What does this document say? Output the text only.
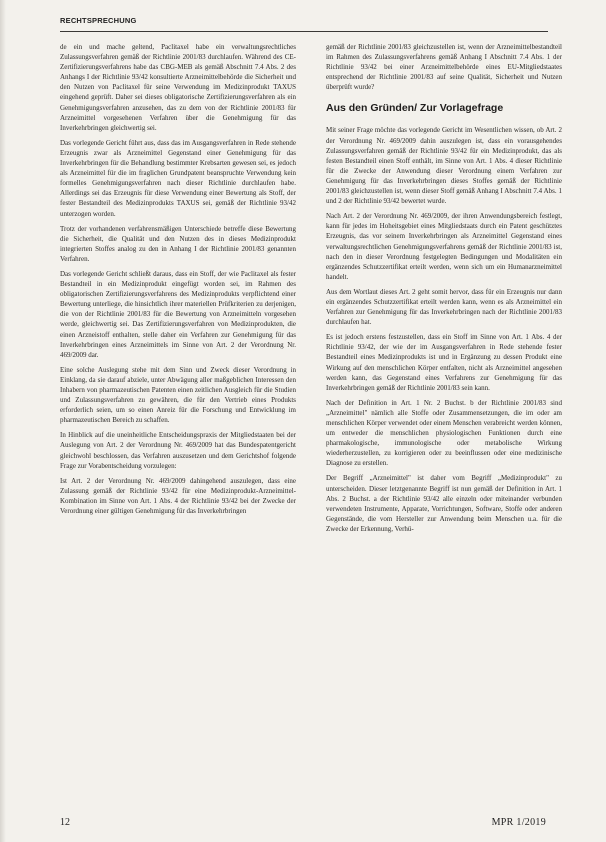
RECHTSPRECHUNG

de ein und mache geltend, Paclitaxel habe ein verwaltungsrechtliches Zulassungsverfahren gemäß der Richtlinie 2001/83 durchlaufen. Während des CE-Zertifizierungsverfahrens habe das CBG-MEB als gemäß Abschnitt 7.4 Abs. 2 des Anhangs I der Richtlinie 93/42 konsultierte Arzneimittelbehörde die Sicherheit und den Nutzen von Paclitaxel für seine Verwendung im Medizinprodukt TAXUS eingehend geprüft. Daher sei dieses obligatorische Zertifizierungsverfahren als ein Genehmigungsverfahren anzusehen, das zu dem von der Richtlinie 2001/83 für Arzneimittel vorgesehenen Verfahren über die Genehmigung für das Inverkehrbringen gleichwertig sei.

Das vorlegende Gericht führt aus, dass das im Ausgangsverfahren in Rede stehende Erzeugnis zwar als Arzneimittel Gegenstand einer Genehmigung für das Inverkehrbringen für die Behandlung bestimmter Krebsarten gewesen sei, es jedoch als Arzneimittel für die im fraglichen Grundpatent beanspruchte Verwendung kein formelles Genehmigungsverfahren nach dieser Richtlinie durchlaufen habe. Allerdings sei das Erzeugnis für diese Verwendung einer Bewertung als Stoff, der fester Bestandteil des Medizinprodukts TAXUS sei, gemäß der Richtlinie 93/42 unterzogen worden.

Trotz der vorhandenen verfahrensmäßigen Unterschiede betreffe diese Bewertung die Sicherheit, die Qualität und den Nutzen des in dieses Medizinprodukt integrierten Stoffes analog zu den in Anhang I der Richtlinie 2001/83 genannten Verfahren.

Das vorlegende Gericht schließt daraus, dass ein Stoff, der wie Paclitaxel als fester Bestandteil in ein Medizinprodukt eingefügt worden sei, im Rahmen des obligatorischen Zertifizierungsverfahrens des Medizinprodukts verpflichtend einer Bewertung unterliege, die hinsichtlich ihrer materiellen Prüfkriterien zu derjenigen, die von der Richtlinie 2001/83 für die Bewertung von Arzneimitteln vorgesehen werde, gleichwertig sei. Das Zertifizierungsverfahren von Medizinprodukten, die einen Arzneistoff enthalten, stelle daher ein Verfahren zur Genehmigung für das Inverkehrbringen eines Arzneimittels im Sinne von Art. 2 der Verordnung Nr. 469/2009 dar.

Eine solche Auslegung stehe mit dem Sinn und Zweck dieser Verordnung in Einklang, da sie darauf abziele, unter Abwägung aller maßgeblichen Interessen den Inhabern von pharmazeutischen Patenten einen zeitlichen Ausgleich für die Studien und Zulassungsverfahren zu gewähren, die für den Vertrieb eines Produkts erforderlich seien, um so einen Anreiz für die Forschung und Entwicklung im pharmazeutischen Bereich zu schaffen.

In Hinblick auf die uneinheitliche Entscheidungspraxis der Mitgliedstaaten bei der Auslegung von Art. 2 der Verordnung Nr. 469/2009 hat das Bundespatentgericht gleichwohl beschlossen, das Verfahren auszusetzen und dem Gerichtshof folgende Frage zur Vorabentscheidung vorzulegen:

Ist Art. 2 der Verordnung Nr. 469/2009 dahingehend auszulegen, dass eine Zulassung gemäß der Richtlinie 93/42 für eine Medizinprodukt-Arzneimittel-Kombination im Sinne von Art. 1 Abs. 4 der Richtlinie 93/42 bei der Zwecke der Verordnung einer gültigen Genehmigung für das Inverkehrbringen

gemäß der Richtlinie 2001/83 gleichzustellen ist, wenn der Arzneimittelbestandteil im Rahmen des Zulassungsverfahrens gemäß Anhang I Abschnitt 7.4 Abs. 1 der Richtlinie 93/42 bei einer Arzneimittelbehörde eines EU-Mitgliedstaates entsprechend der Richtlinie 2001/83 auf seine Qualität, Sicherheit und Nutzen überprüft wurde?

Aus den Gründen/ Zur Vorlagefrage

Mit seiner Frage möchte das vorlegende Gericht im Wesentlichen wissen, ob Art. 2 der Verordnung Nr. 469/2009 dahin auszulegen ist, dass ein vorausgehendes Zulassungsverfahren gemäß der Richtlinie 93/42 für ein Medizinprodukt, das als festen Bestandteil einen Stoff enthält, im Sinne von Art. 1 Abs. 4 dieser Richtlinie für die Zwecke der Anwendung dieser Verordnung einem Verfahren zur Genehmigung für das Inverkehrbringen dieses Stoffes gemäß der Richtlinie 2001/83 gleichzustellen ist, wenn dieser Stoff gemäß Anhang I Abschnitt 7.4 Abs. 1 und 2 der Richtlinie 93/42 bewertet wurde.

Nach Art. 2 der Verordnung Nr. 469/2009, der ihren Anwendungsbereich festlegt, kann für jedes im Hoheitsgebiet eines Mitgliedstaats durch ein Patent geschütztes Erzeugnis, das vor seinem Inverkehrbringen als Arzneimittel Gegenstand eines verwaltungsrechtlichen Genehmigungsverfahrens gemäß der Richtlinie 2001/83 ist, nach den in dieser Verordnung festgelegten Bedingungen und Modalitäten ein ergänzendes Schutzzertifikat erteilt werden, wenn sich um ein Humanarzneimittel handelt.

Aus dem Wortlaut dieses Art. 2 geht somit hervor, dass für ein Erzeugnis nur dann ein ergänzendes Schutzzertifikat erteilt werden kann, wenn es als Arzneimittel ein Verfahren zur Genehmigung für das Inverkehrbringen nach der Richtlinie 2001/83 durchlaufen hat.

Es ist jedoch erstens festzustellen, dass ein Stoff im Sinne von Art. 1 Abs. 4 der Richtlinie 93/42, der wie der im Ausgangsverfahren in Rede stehende fester Bestandteil eines Medizinprodukts ist und in Ergänzung zu dessen Produkt eine Wirkung auf den menschlichen Körper entfalten, nicht als Arzneimittel angesehen werden kann, das Gegenstand eines Verfahrens zur Genehmigung für das Inverkehrbringen gemäß der Richtlinie 2001/83 sein kann.

Nach der Definition in Art. 1 Nr. 2 Buchst. b der Richtlinie 2001/83 sind „Arzneimittel" nämlich alle Stoffe oder Zusammensetzungen, die im oder am menschlichen Körper verwendet oder einem Menschen verabreicht werden können, um entweder die menschlichen physiologischen Funktionen durch eine pharmakologische, immunologische oder metabolische Wirkung wiederherzustellen, zu korrigieren oder zu beeinflussen oder eine medizinische Diagnose zu erstellen.

Der Begriff „Arzneimittel" ist daher vom Begriff „Medizinprodukt" zu unterscheiden. Dieser letztgenannte Begriff ist nun gemäß der Definition in Art. 1 Abs. 2 Buchst. a der Richtlinie 93/42 alle einzeln oder miteinander verbunden verwendeten Instrumente, Apparate, Vorrichtungen, Software, Stoffe oder anderen Gegenstände, die vom Hersteller zur Anwendung beim Menschen u.a. für die Zwecke der Erkennung, Verhü-

12	MPR 1/2019
